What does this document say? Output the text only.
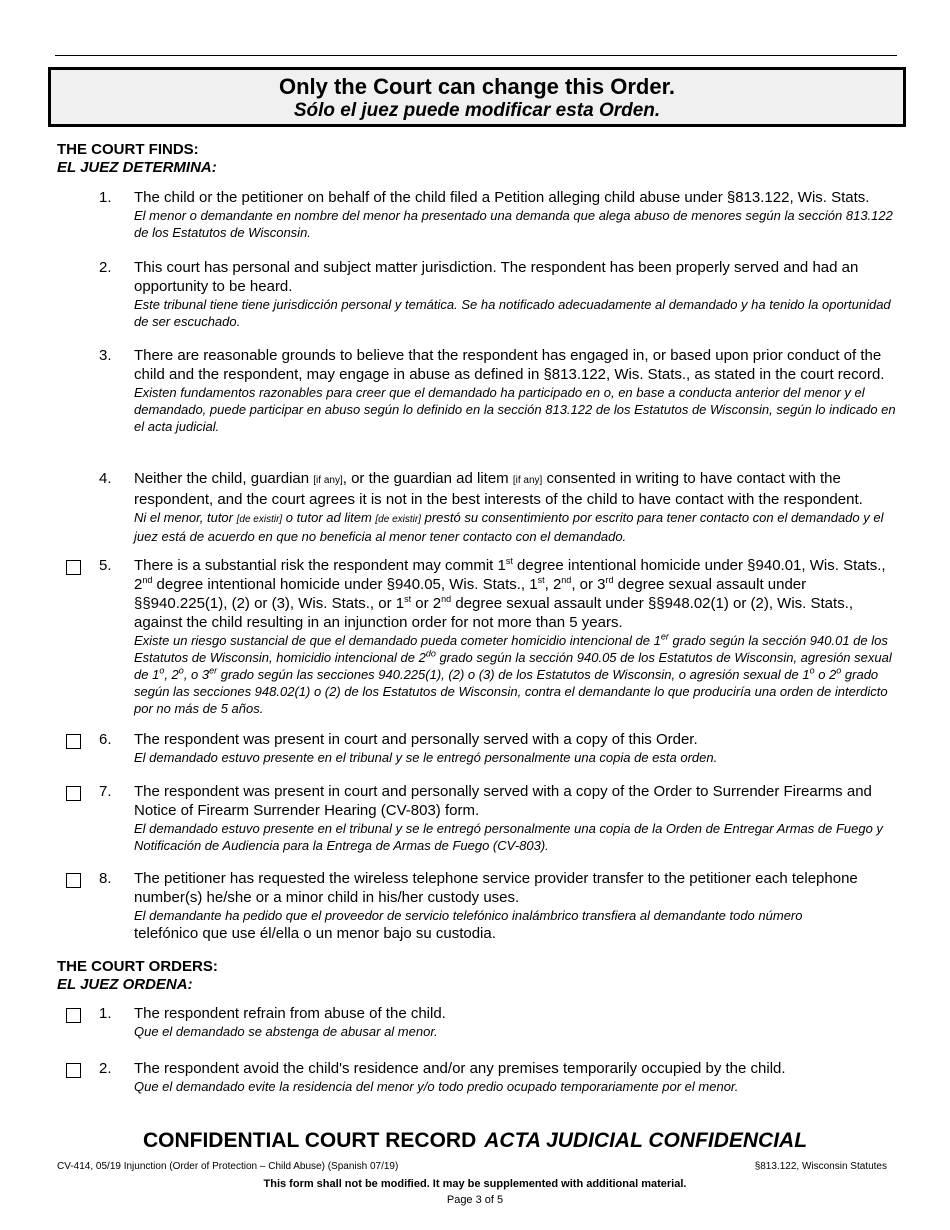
Only the Court can change this Order.
Sólo el juez puede modificar esta Orden.
THE COURT FINDS:
EL JUEZ DETERMINA:
1. The child or the petitioner on behalf of the child filed a Petition alleging child abuse under §813.122, Wis. Stats.
El menor o demandante en nombre del menor ha presentado una demanda que alega abuso de menores según la sección 813.122 de los Estatutos de Wisconsin.
2. This court has personal and subject matter jurisdiction. The respondent has been properly served and had an opportunity to be heard.
Este tribunal tiene tiene jurisdicción personal y temática. Se ha notificado adecuadamente al demandado y ha tenido la oportunidad de ser escuchado.
3. There are reasonable grounds to believe that the respondent has engaged in, or based upon prior conduct of the child and the respondent, may engage in abuse as defined in §813.122, Wis. Stats., as stated in the court record.
Existen fundamentos razonables para creer que el demandado ha participado en o, en base a conducta anterior del menor y el demandado, puede participar en abuso según lo definido en la sección 813.122 de los Estatutos de Wisconsin, según lo indicado en el acta judicial.
4. Neither the child, guardian [if any], or the guardian ad litem [if any] consented in writing to have contact with the respondent, and the court agrees it is not in the best interests of the child to have contact with the respondent.
Ni el menor, tutor [de existir] o tutor ad litem [de existir] prestó su consentimiento por escrito para tener contacto con el demandado y el juez está de acuerdo en que no beneficia al menor tener contacto con el demandado.
5. There is a substantial risk the respondent may commit 1st degree intentional homicide under §940.01, Wis. Stats., 2nd degree intentional homicide under §940.05, Wis. Stats., 1st, 2nd, or 3rd degree sexual assault under §§940.225(1), (2) or (3), Wis. Stats., or 1st or 2nd degree sexual assault under §§948.02(1) or (2), Wis. Stats., against the child resulting in an injunction order for not more than 5 years.
Existe un riesgo sustancial de que el demandado pueda cometer homicidio intencional de 1er grado según la sección 940.01 de los Estatutos de Wisconsin, homicidio intencional de $2^{do}$ grado según la sección 940.05 de los Estatutos de Wisconsin, agresión sexual de 1$^o$, 2$^o$, o 3er grado según las secciones 940.225(1), (2) o (3) de los Estatutos de Wisconsin, o agresión sexual de 1$^o$ o 2$^o$ grado según las secciones 948.02(1) o (2) de los Estatutos de Wisconsin, contra el demandante lo que produciría una orden de interdicto por no más de 5 años.
6. The respondent was present in court and personally served with a copy of this Order.
El demandado estuvo presente en el tribunal y se le entregó personalmente una copia de esta orden.
7. The respondent was present in court and personally served with a copy of the Order to Surrender Firearms and Notice of Firearm Surrender Hearing (CV-803) form.
El demandado estuvo presente en el tribunal y se le entregó personalmente una copia de la Orden de Entregar Armas de Fuego y Notificación de Audiencia para la Entrega de Armas de Fuego (CV-803).
8. The petitioner has requested the wireless telephone service provider transfer to the petitioner each telephone number(s) he/she or a minor child in his/her custody uses.
El demandante ha pedido que el proveedor de servicio telefónico inalámbrico transfiera al demandante todo número
telefónico que use él/ella o un menor bajo su custodia.
THE COURT ORDERS:
EL JUEZ ORDENA:
1. The respondent refrain from abuse of the child.
Que el demandado se abstenga de abusar al menor.
2. The respondent avoid the child's residence and/or any premises temporarily occupied by the child.
Que el demandado evite la residencia del menor y/o todo predio ocupado temporariamente por el menor.
CONFIDENTIAL COURT RECORD ACTA JUDICIAL CONFIDENCIAL
CV-414, 05/19 Injunction (Order of Protection – Child Abuse) (Spanish 07/19)	§813.122, Wisconsin Statutes
This form shall not be modified. It may be supplemented with additional material.
Page 3 of 5
